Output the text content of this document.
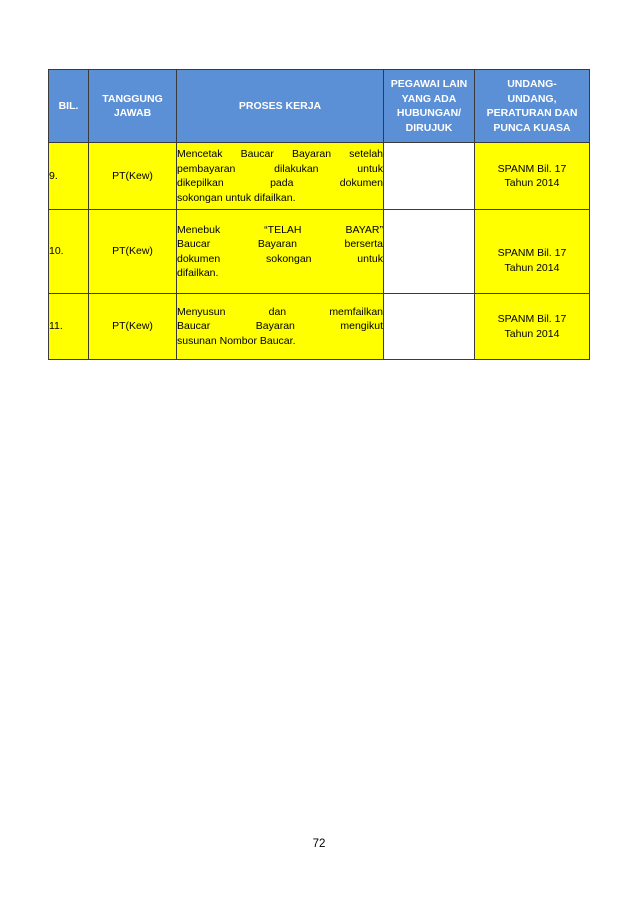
BIL.	TANGGUNG JAWAB	PROSES KERJA	PEGAWAI LAIN YANG ADA HUBUNGAN/ DIRUJUK	UNDANG-UNDANG, PERATURAN DAN PUNCA KUASA
9.	PT(Kew)	Mencetak Baucar Bayaran setelah
pembayaran dilakukan untuk
dikepilkan pada dokumen
sokongan untuk difailkan.		SPANM Bil. 17 Tahun 2014
10.	PT(Kew)	Menebuk “TELAH BAYAR”
Baucar Bayaran berserta
dokumen sokongan untuk
difailkan.		SPANM Bil. 17 Tahun 2014
11.	PT(Kew)	Menyusun dan memfailkan
Baucar Bayaran mengikut
susunan Nombor Baucar.		SPANM Bil. 17 Tahun 2014
72
